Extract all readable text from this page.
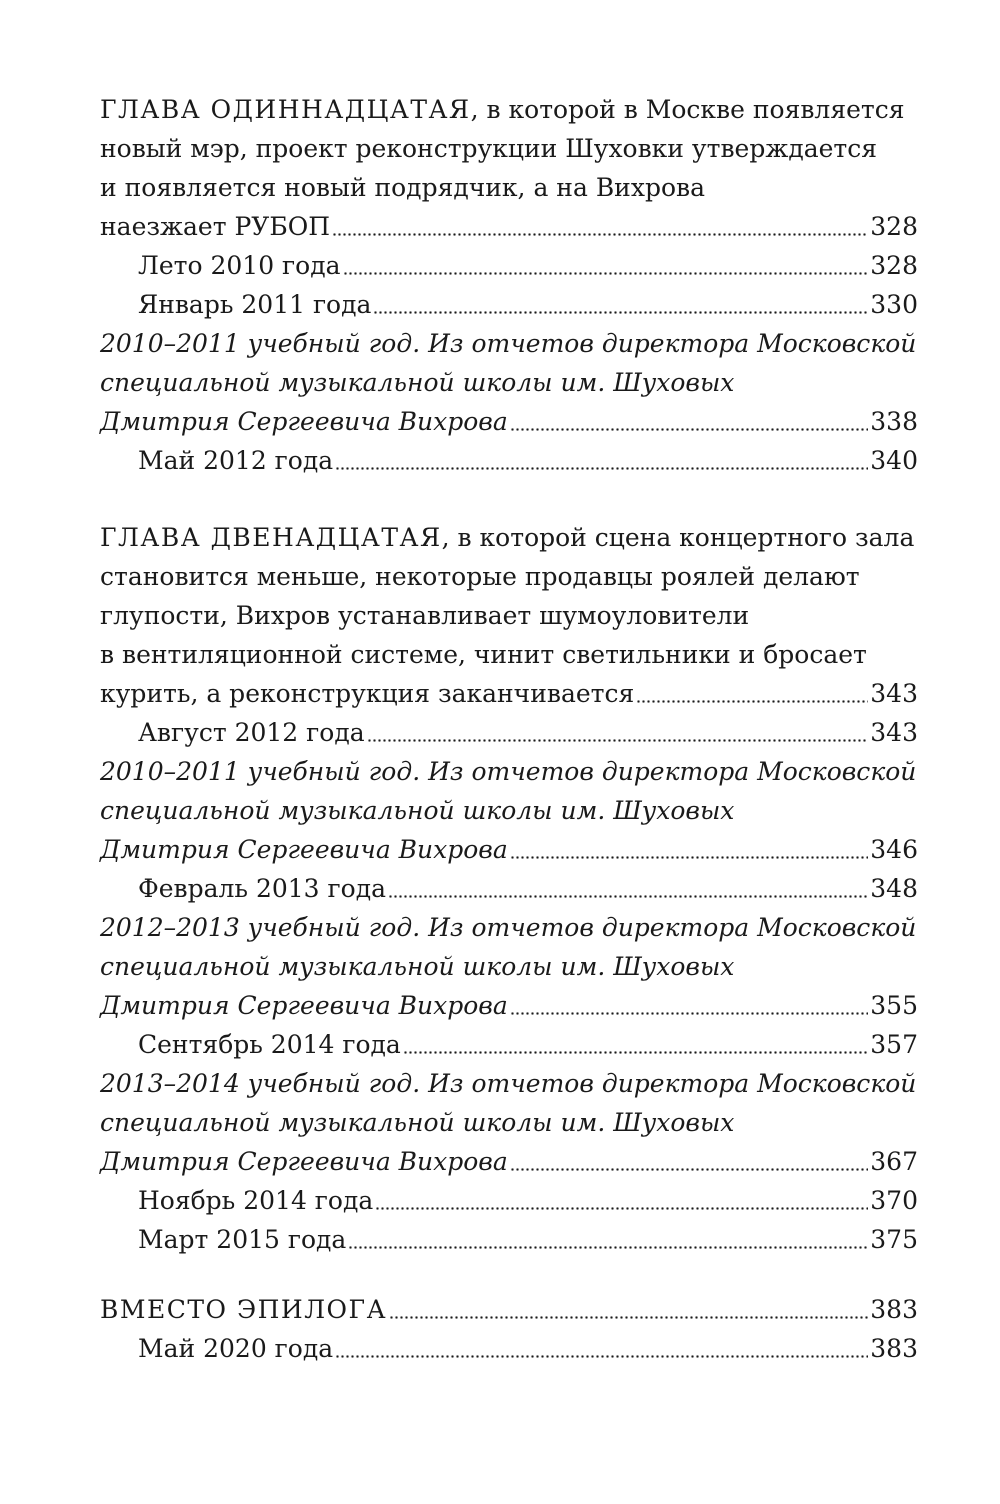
ГЛАВА ОДИННАДЦАТАЯ, в которой в Москве появляется
новый мэр, проект реконструкции Шуховки утверждается
и появляется новый подрядчик, а на Вихрова
наезжает РУБОП	328
Лето 2010 года	328
Январь 2011 года	330
2010–2011 учебный год. Из отчетов директора Московской
специальной музыкальной школы им. Шуховых
Дмитрия Сергеевича Вихрова	338
Май 2012 года	340
ГЛАВА ДВЕНАДЦАТАЯ, в которой сцена концертного зала
становится меньше, некоторые продавцы роялей делают
глупости, Вихров устанавливает шумоуловители
в вентиляционной системе, чинит светильники и бросает
курить, а реконструкция заканчивается	343
Август 2012 года	343
2010–2011 учебный год. Из отчетов директора Московской
специальной музыкальной школы им. Шуховых
Дмитрия Сергеевича Вихрова	346
Февраль 2013 года	348
2012–2013 учебный год. Из отчетов директора Московской
специальной музыкальной школы им. Шуховых
Дмитрия Сергеевича Вихрова	355
Сентябрь 2014 года	357
2013–2014 учебный год. Из отчетов директора Московской
специальной музыкальной школы им. Шуховых
Дмитрия Сергеевича Вихрова	367
Ноябрь 2014 года	370
Март 2015 года	375
ВМЕСТО ЭПИЛОГА	383
Май 2020 года	383
